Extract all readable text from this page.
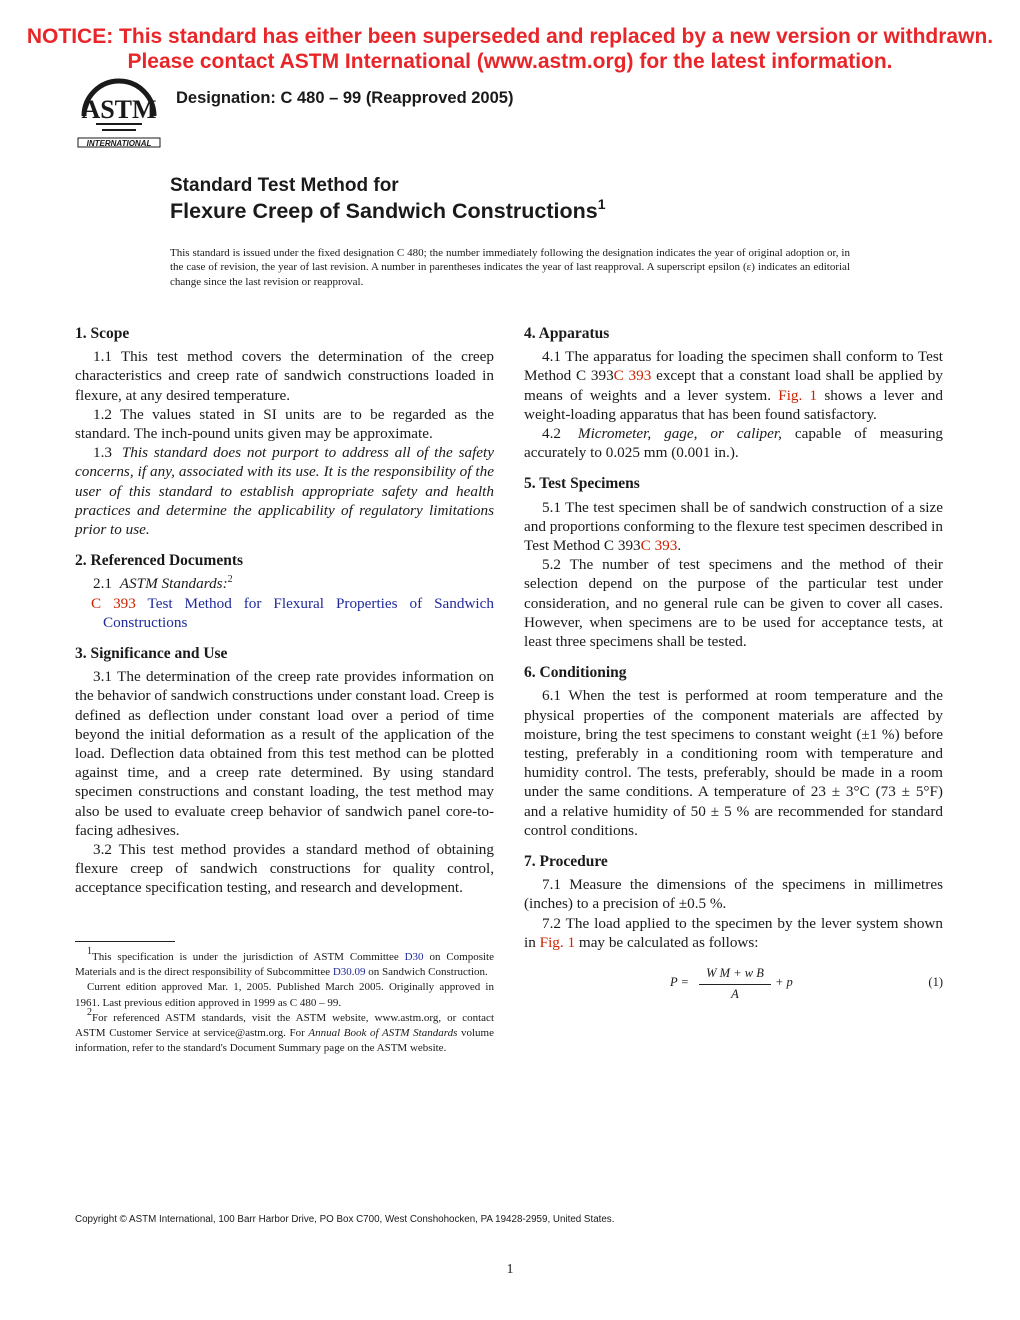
NOTICE: This standard has either been superseded and replaced by a new version or withdrawn.
Please contact ASTM International (www.astm.org) for the latest information.
ASTM
INTERNATIONAL
Designation: C 480 – 99 (Reapproved 2005)
Standard Test Method for
Flexure Creep of Sandwich Constructions$^1$
This standard is issued under the fixed designation C 480; the number immediately following the designation indicates the year of original adoption or, in the case of revision, the year of last revision. A number in parentheses indicates the year of last reapproval. A superscript epsilon (ε) indicates an editorial change since the last revision or reapproval.
1. Scope

1.1 This test method covers the determination of the creep characteristics and creep rate of sandwich constructions loaded in flexure, at any desired temperature.

1.2 The values stated in SI units are to be regarded as the standard. The inch-pound units given may be approximate.

1.3 This standard does not purport to address all of the safety concerns, if any, associated with its use. It is the responsibility of the user of this standard to establish appropriate safety and health practices and determine the applicability of regulatory limitations prior to use.

2. Referenced Documents

2.1 ASTM Standards:$^2$

C 393 Test Method for Flexural Properties of Sandwich Constructions

3. Significance and Use

3.1 The determination of the creep rate provides information on the behavior of sandwich constructions under constant load. Creep is defined as deflection under constant load over a period of time beyond the initial deformation as a result of the application of the load. Deflection data obtained from this test method can be plotted against time, and a creep rate determined. By using standard specimen constructions and constant loading, the test method may also be used to evaluate creep behavior of sandwich panel core-to-facing adhesives.

3.2 This test method provides a standard method of obtaining flexure creep of sandwich constructions for quality control, acceptance specification testing, and research and development.

1This specification is under the jurisdiction of ASTM Committee D30 on Composite Materials and is the direct responsibility of Subcommittee D30.09 on Sandwich Construction.

Current edition approved Mar. 1, 2005. Published March 2005. Originally approved in 1961. Last previous edition approved in 1999 as C 480 – 99.

2For referenced ASTM standards, visit the ASTM website, www.astm.org, or contact ASTM Customer Service at service@astm.org. For Annual Book of ASTM Standards volume information, refer to the standard's Document Summary page on the ASTM website.

4. Apparatus

4.1 The apparatus for loading the specimen shall conform to Test Method C 393C 393 except that a constant load shall be applied by means of weights and a lever system. Fig. 1 shows a lever and weight-loading apparatus that has been found satisfactory.

4.2 Micrometer, gage, or caliper, capable of measuring accurately to 0.025 mm (0.001 in.).

5. Test Specimens

5.1 The test specimen shall be of sandwich construction of a size and proportions conforming to the flexure test specimen described in Test Method C 393C 393.

5.2 The number of test specimens and the method of their selection depend on the purpose of the particular test under consideration, and no general rule can be given to cover all cases. However, when specimens are to be used for acceptance tests, at least three specimens shall be tested.

6. Conditioning

6.1 When the test is performed at room temperature and the physical properties of the component materials are affected by moisture, bring the test specimens to constant weight (±1 %) before testing, preferably in a conditioning room with temperature and humidity control. The tests, preferably, should be made in a room under the same conditions. A temperature of 23 ± 3°C (73 ± 5°F) and a relative humidity of 50 ± 5 % are recommended for standard control conditions.

7. Procedure

7.1 Measure the dimensions of the specimens in millimetres (inches) to a precision of ±0.5 %.

7.2 The load applied to the specimen by the lever system shown in Fig. 1 may be calculated as follows:

$P = \frac{\text{W M + w B}}{A} + p$	(1)
Copyright © ASTM International, 100 Barr Harbor Drive, PO Box C700, West Conshohocken, PA 19428-2959, United States.
1
